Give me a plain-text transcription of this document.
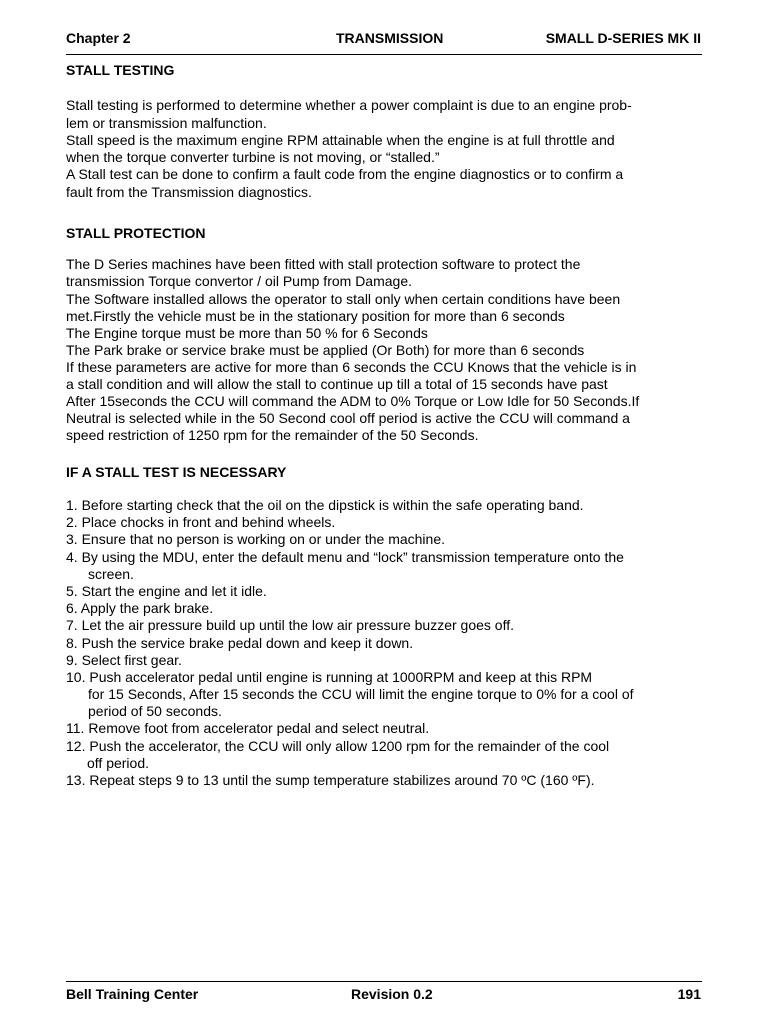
Chapter 2	TRANSMISSION	SMALL D-SERIES MK II
STALL TESTING
Stall testing is performed to determine whether a power complaint is due to an engine prob-
lem or transmission malfunction.
Stall speed is the maximum engine RPM attainable when the engine is at full throttle and
when the torque converter turbine is not moving, or “stalled.”
A Stall test can be done to confirm a fault code from the engine diagnostics or to confirm a
fault from the Transmission diagnostics.
STALL PROTECTION
The D Series machines have been fitted with stall protection software to protect the
transmission Torque convertor / oil Pump from Damage.
The Software installed allows the operator to stall only when certain conditions have been
met.Firstly the vehicle must be in the stationary position for more than 6 seconds
The Engine torque must be more than 50 % for 6 Seconds
The Park brake or service brake must be applied (Or Both) for more than 6 seconds
If these parameters are active for more than 6 seconds the CCU Knows that the vehicle is in
a stall condition and will allow the stall to continue up till a total of 15 seconds have past
After 15seconds the CCU will command the ADM to 0% Torque or Low Idle for 50 Seconds.If
Neutral is selected while in the 50 Second cool off period is active the CCU will command a
speed restriction of 1250 rpm for the remainder of the 50 Seconds.
IF A STALL TEST IS NECESSARY
1. Before starting check that the oil on the dipstick is within the safe operating band.
2. Place chocks in front and behind wheels.
3. Ensure that no person is working on or under the machine.
4. By using the MDU, enter the default menu and “lock” transmission temperature onto the
screen.
5. Start the engine and let it idle.
6. Apply the park brake.
7. Let the air pressure build up until the low air pressure buzzer goes off.
8. Push the service brake pedal down and keep it down.
9. Select first gear.
10. Push accelerator pedal until engine is running at 1000RPM and keep at this RPM
for 15 Seconds, After 15 seconds the CCU will limit the engine torque to 0% for a cool of
period of 50 seconds.
11. Remove foot from accelerator pedal and select neutral.
12. Push the accelerator, the CCU will only allow 1200 rpm for the remainder of the cool
off period.
13. Repeat steps 9 to 13 until the sump temperature stabilizes around 70 ºC (160 ºF).
Bell Training Center	Revision 0.2	191
